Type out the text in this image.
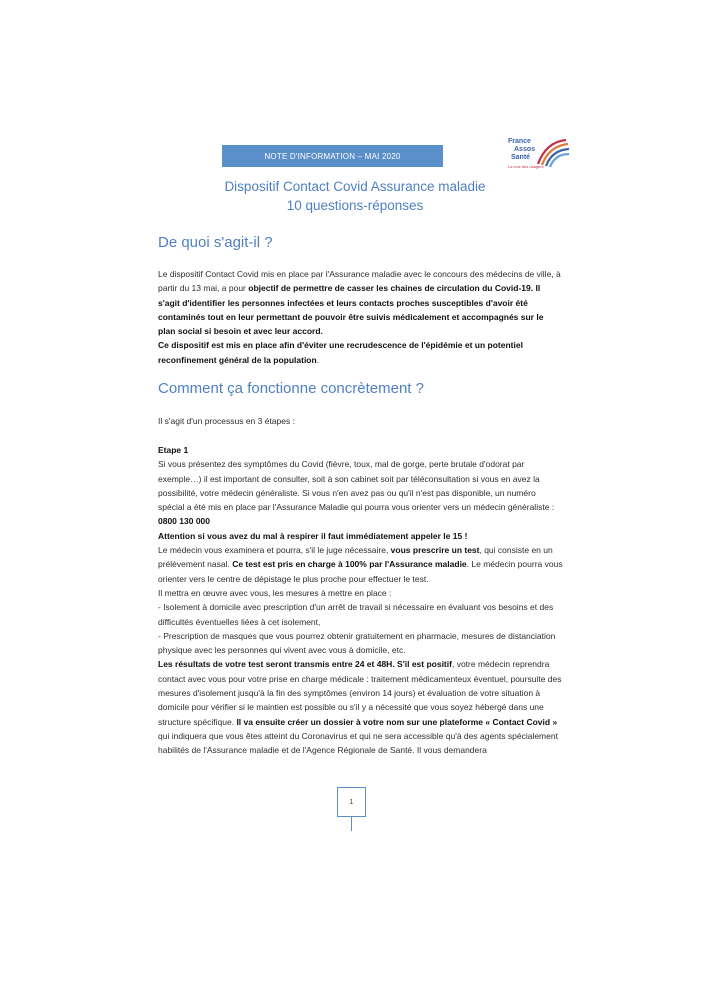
NOTE D'INFORMATION – MAI 2020
France
Assos
Santé
La voix des usagers
Dispositif Contact Covid Assurance maladie
10 questions-réponses
De quoi s'agit-il ?

Le dispositif Contact Covid mis en place par l'Assurance maladie avec le concours des médecins de ville, à partir du 13 mai, a pour objectif de permettre de casser les chaines de circulation du Covid-19. Il s'agit d'identifier les personnes infectées et leurs contacts proches susceptibles d'avoir été contaminés tout en leur permettant de pouvoir être suivis médicalement et accompagnés sur le plan social si besoin et avec leur accord.

Ce dispositif est mis en place afin d'éviter une recrudescence de l'épidémie et un potentiel reconfinement général de la population.

Comment ça fonctionne concrètement ?
Il s'agit d'un processus en 3 étapes :

Etape 1

Si vous présentez des symptômes du Covid (fièvre, toux, mal de gorge, perte brutale d'odorat par exemple…) il est important de consulter, soit à son cabinet soit par téléconsultation si vous en avez la possibilité, votre médecin généraliste. Si vous n'en avez pas ou qu'il n'est pas disponible, un numéro spécial a été mis en place par l'Assurance Maladie qui pourra vous orienter vers un médecin généraliste : 0800 130 000

Attention si vous avez du mal à respirer il faut immédiatement appeler le 15 !

Le médecin vous examinera et pourra, s'il le juge nécessaire, vous prescrire un test, qui consiste en un prélèvement nasal. Ce test est pris en charge à 100% par l'Assurance maladie. Le médecin pourra vous orienter vers le centre de dépistage le plus proche pour effectuer le test.

Il mettra en œuvre avec vous, les mesures à mettre en place :

- Isolement à domicile avec prescription d'un arrêt de travail si nécessaire en évaluant vos besoins et des difficultés éventuelles liées à cet isolement,

- Prescription de masques que vous pourrez obtenir gratuitement en pharmacie, mesures de distanciation physique avec les personnes qui vivent avec vous à domicile, etc.

Les résultats de votre test seront transmis entre 24 et 48H. S'il est positif, votre médecin reprendra contact avec vous pour votre prise en charge médicale : traitement médicamenteux éventuel, poursuite des mesures d'isolement jusqu'à la fin des symptômes (environ 14 jours) et évaluation de votre situation à domicile pour vérifier si le maintien est possible ou s'il y a nécessité que vous soyez hébergé dans une structure spécifique. Il va ensuite créer un dossier à votre nom sur une plateforme « Contact Covid » qui indiquera que vous êtes atteint du Coronavirus et qui ne sera accessible qu'à des agents spécialement habilités de l'Assurance maladie et de l'Agence Régionale de Santé. Il vous demandera

1
